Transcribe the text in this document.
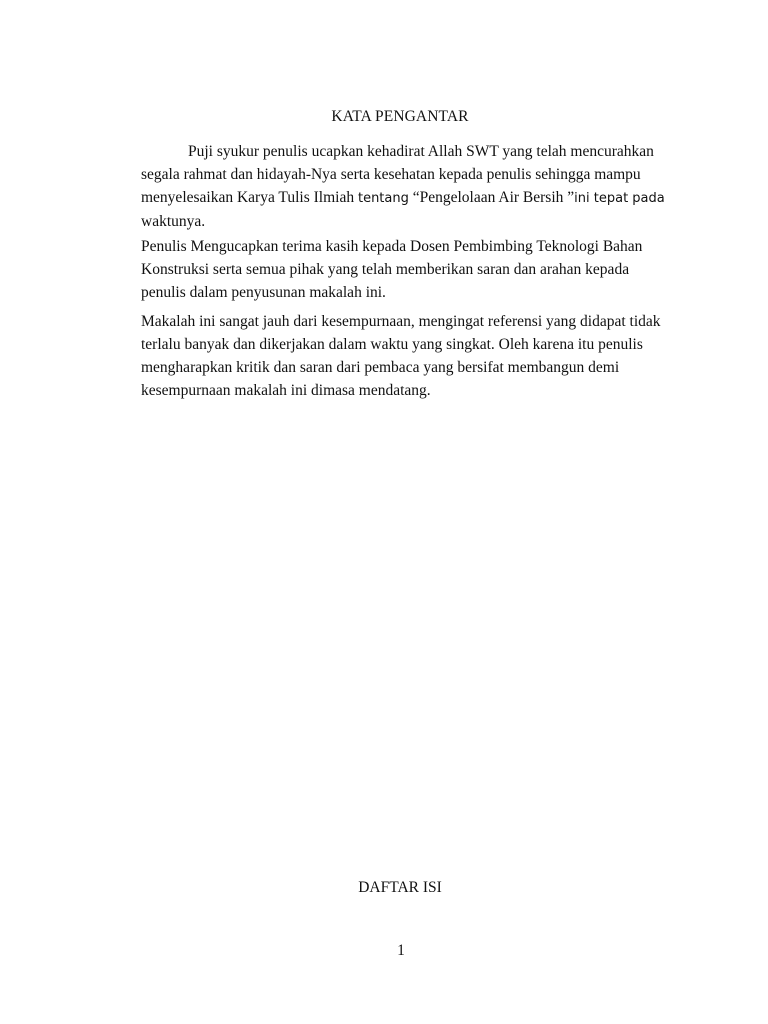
KATA PENGANTAR
Puji syukur penulis ucapkan kehadirat Allah SWT yang telah mencurahkan
segala rahmat dan hidayah-Nya serta kesehatan kepada penulis sehingga mampu
menyelesaikan Karya Tulis Ilmiah tentang “Pengelolaan Air Bersih ”ini tepat pada
waktunya.
Penulis Mengucapkan terima kasih kepada Dosen Pembimbing Teknologi Bahan
Konstruksi serta semua pihak yang telah memberikan saran dan arahan kepada
penulis dalam penyusunan makalah ini.
Makalah ini sangat jauh dari kesempurnaan, mengingat referensi yang didapat tidak
terlalu banyak dan dikerjakan dalam waktu yang singkat. Oleh karena itu penulis
mengharapkan kritik dan saran dari pembaca yang bersifat membangun demi
kesempurnaan makalah ini dimasa mendatang.
DAFTAR ISI
1
